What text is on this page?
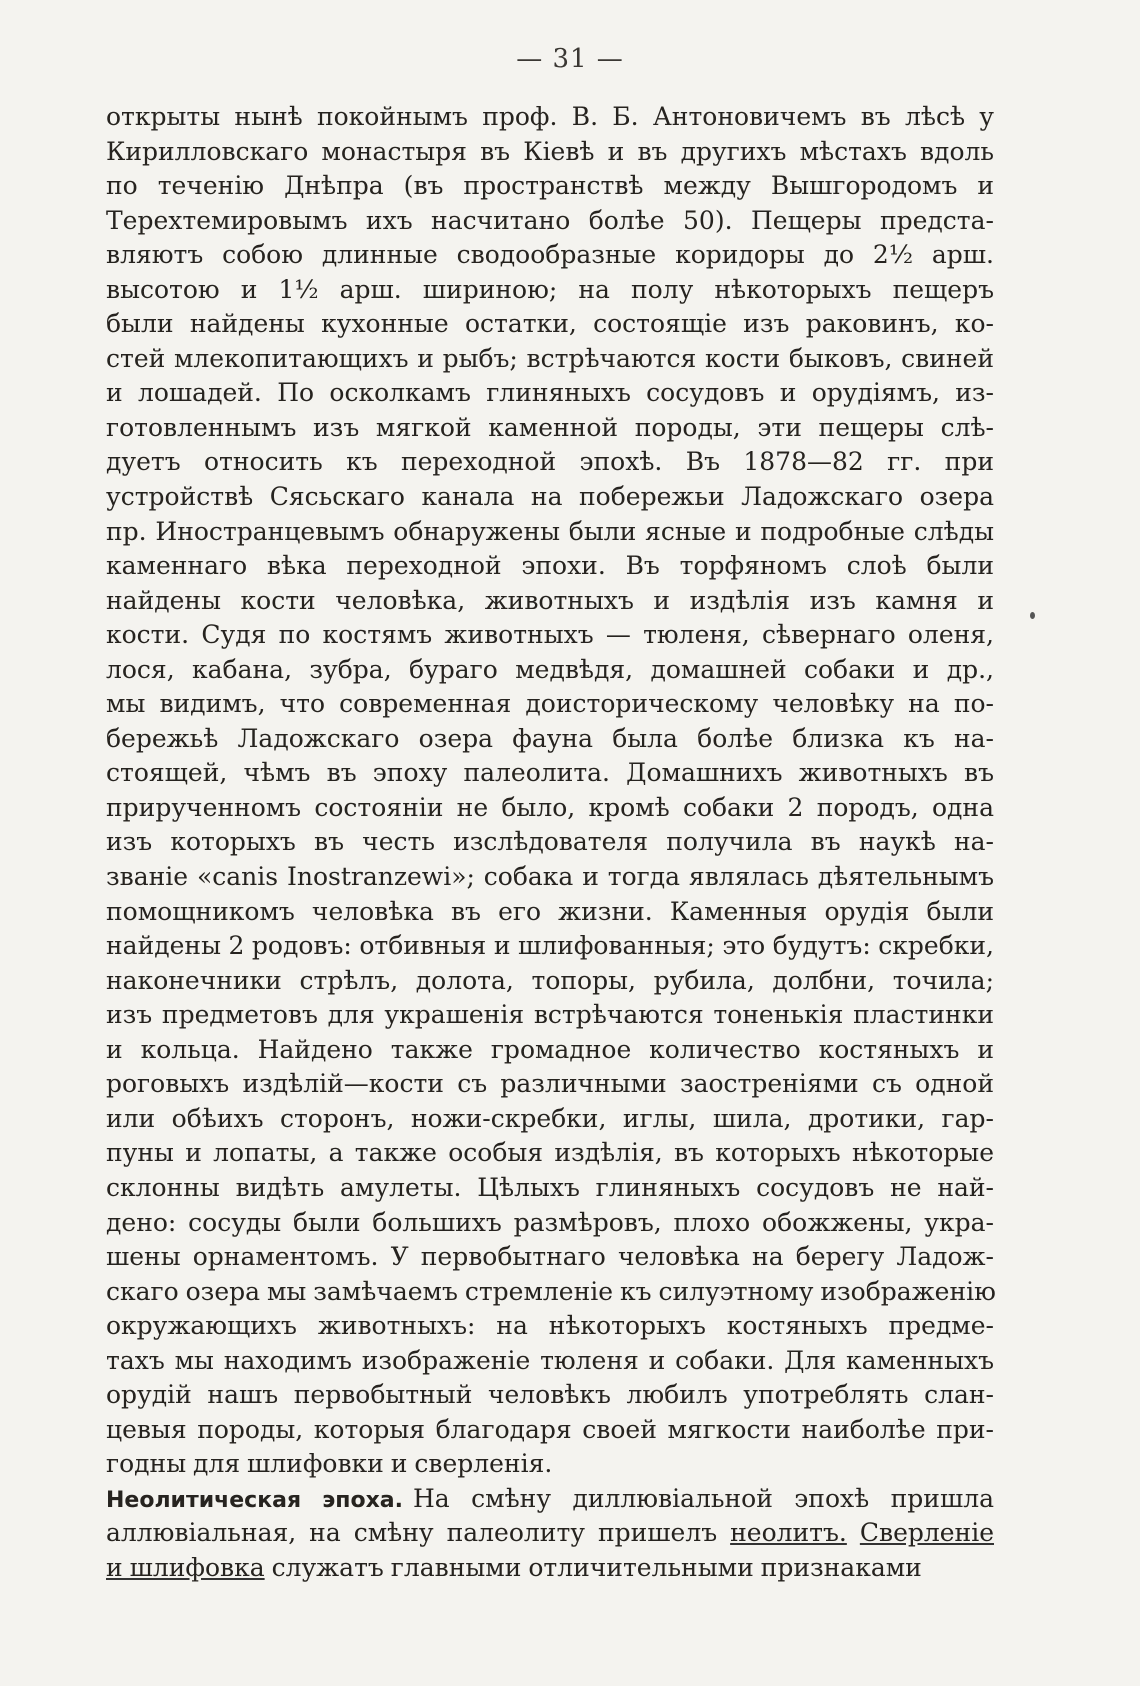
— 31 —
открыты нынѣ покойнымъ проф. В. Б. Антоновичемъ въ лѣсѣ у
Кирилловскаго монастыря въ Кіевѣ и въ другихъ мѣстахъ вдоль
по теченію Днѣпра (въ пространствѣ между Вышгородомъ и
Терехтемировымъ ихъ насчитано болѣе 50). Пещеры предста-
вляютъ собою длинные сводообразные коридоры до 2½ арш.
высотою и 1½ арш. шириною; на полу нѣкоторыхъ пещеръ
были найдены кухонные остатки, состоящіе изъ раковинъ, ко-
стей млекопитающихъ и рыбъ; встрѣчаются кости быковъ, свиней
и лошадей. По осколкамъ глиняныхъ сосудовъ и орудіямъ, из-
готовленнымъ изъ мягкой каменной породы, эти пещеры слѣ-
дуетъ относить къ переходной эпохѣ. Въ 1878—82 гг. при
устройствѣ Сясьскаго канала на побережьи Ладожскаго озера
пр. Иностранцевымъ обнаружены были ясные и подробные слѣды
каменнаго вѣка переходной эпохи. Въ торфяномъ слоѣ были
найдены кости человѣка, животныхъ и издѣлія изъ камня и
кости. Судя по костямъ животныхъ — тюленя, сѣвернаго оленя,
лося, кабана, зубра, бураго медвѣдя, домашней собаки и др.,
мы видимъ, что современная доисторическому человѣку на по-
бережьѣ Ладожскаго озера фауна была болѣе близка къ на-
стоящей, чѣмъ въ эпоху палеолита. Домашнихъ животныхъ въ
прирученномъ состояніи не было, кромѣ собаки 2 породъ, одна
изъ которыхъ въ честь изслѣдователя получила въ наукѣ на-
званіе «canis Inostranzewi»; собака и тогда являлась дѣятельнымъ
помощникомъ человѣка въ его жизни. Каменныя орудія были
найдены 2 родовъ: отбивныя и шлифованныя; это будутъ: скребки,
наконечники стрѣлъ, долота, топоры, рубила, долбни, точила;
изъ предметовъ для украшенія встрѣчаются тоненькія пластинки
и кольца. Найдено также громадное количество костяныхъ и
роговыхъ издѣлій—кости съ различными заостреніями съ одной
или обѣихъ сторонъ, ножи-скребки, иглы, шила, дротики, гар-
пуны и лопаты, а также особыя издѣлія, въ которыхъ нѣкоторые
склонны видѣть амулеты. Цѣлыхъ глиняныхъ сосудовъ не най-
дено: сосуды были большихъ размѣровъ, плохо обожжены, укра-
шены орнаментомъ. У первобытнаго человѣка на берегу Ладож-
скаго озера мы замѣчаемъ стремленіе къ силуэтному изображенію
окружающихъ животныхъ: на нѣкоторыхъ костяныхъ предме-
тахъ мы находимъ изображеніе тюленя и собаки. Для каменныхъ
орудій нашъ первобытный человѣкъ любилъ употреблять слан-
цевыя породы, которыя благодаря своей мягкости наиболѣе при-
годны для шлифовки и сверленія.
Неолитическая эпоха. На смѣну диллювіальной эпохѣ пришла
аллювіальная, на смѣну палеолиту пришелъ неолитъ. Сверленіе
и шлифовка служатъ главными отличительными признаками
